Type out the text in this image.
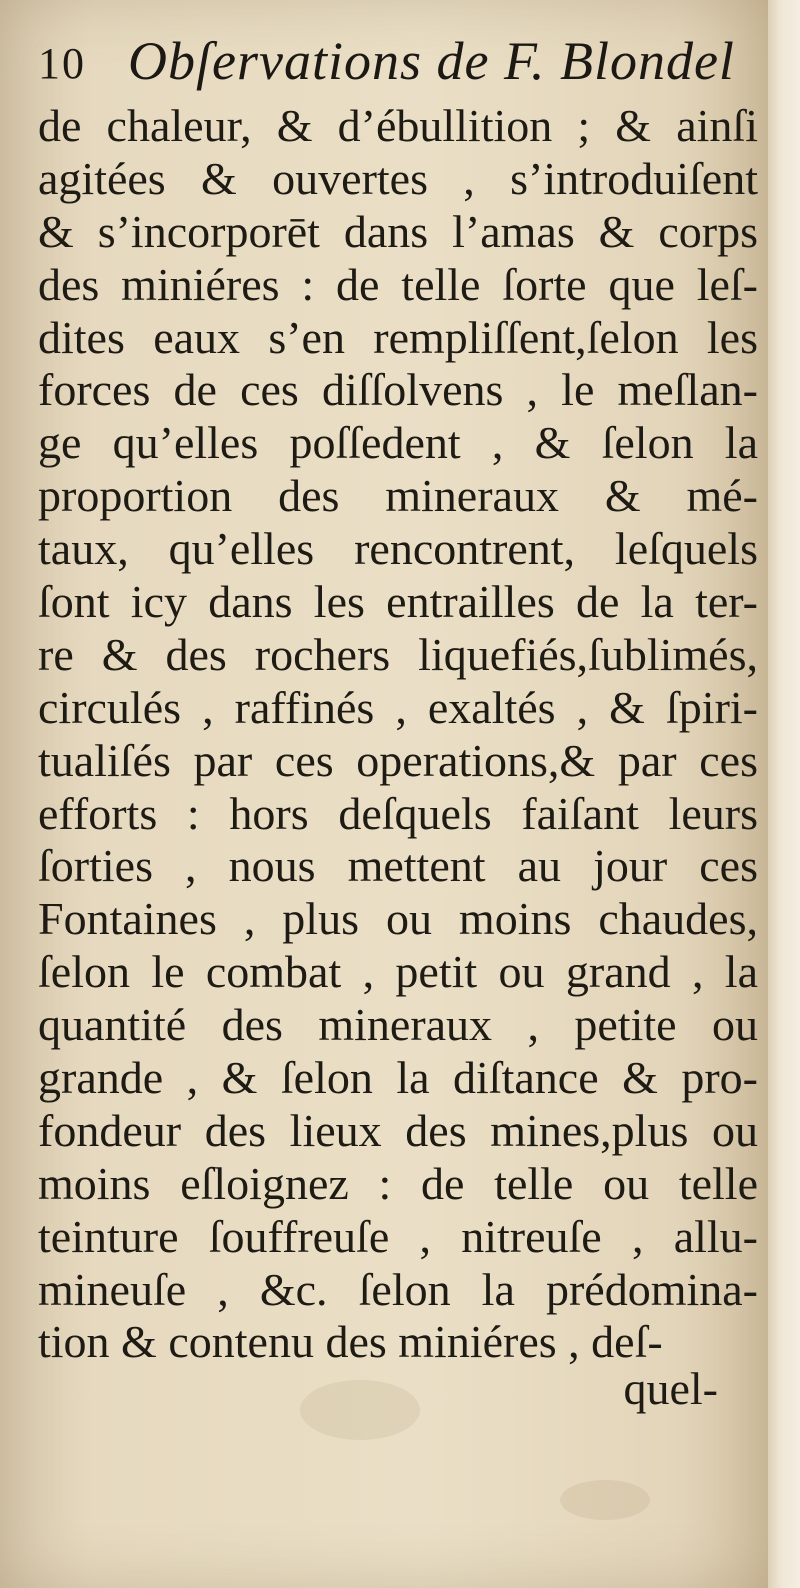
10 Obſervations de F. Blondel
de chaleur, & d’ébullition ; & ainſi
agitées & ouvertes , s’introduiſent
& s’incorporēt dans l’amas & corps
des miniéres : de telle ſorte que leſ-
dites eaux s’en rempliſſent,ſelon les
forces de ces diſſolvens , le meſlan-
ge qu’elles poſſedent , & ſelon la
proportion des mineraux & mé-
taux, qu’elles rencontrent, leſquels
ſont icy dans les entrailles de la ter-
re & des rochers liquefiés,ſublimés,
circulés , raffinés , exaltés , & ſpiri-
tualiſés par ces operations,& par ces
efforts : hors deſquels faiſant leurs
ſorties , nous mettent au jour ces
Fontaines , plus ou moins chaudes,
ſelon le combat , petit ou grand , la
quantité des mineraux , petite ou
grande , & ſelon la diſtance & pro-
fondeur des lieux des mines,plus ou
moins eſloignez : de telle ou telle
teinture ſouffreuſe , nitreuſe , allu-
mineuſe , &c. ſelon la prédomina-
tion & contenu des miniéres , deſ-
quel-
